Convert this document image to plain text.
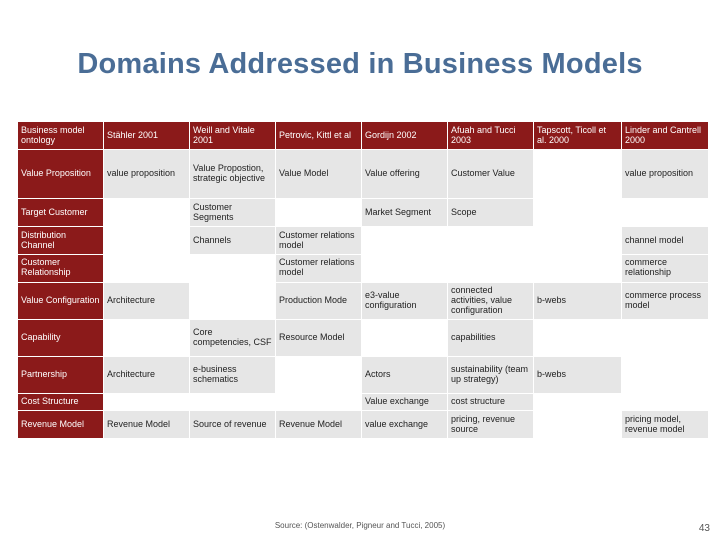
Domains Addressed in Business Models
Business model ontology	Stähler 2001	Weill and Vitale 2001	Petrovic, Kittl et al	Gordijn 2002	Afuah and Tucci 2003	Tapscott, Ticoll et al. 2000	Linder and Cantrell 2000
Value Proposition	value proposition	Value Propostion, strategic objective	Value Model	Value offering	Customer Value		value proposition
Target Customer		Customer Segments		Market Segment	Scope		
Distribution Channel		Channels	Customer relations model				channel model
Customer Relationship			Customer relations model				commerce relationship
Value Configuration	Architecture		Production Mode	e3-value configuration	connected activities, value configuration	b-webs	commerce process model
Capability		Core competencies, CSF	Resource Model		capabilities		
Partnership	Architecture	e-business schematics		Actors	sustainability (team up strategy)	b-webs	
Cost Structure				Value exchange	cost structure		
Revenue Model	Revenue Model	Source of revenue	Revenue Model	value exchange	pricing, revenue source		pricing model, revenue model
Source: (Ostenwalder, Pigneur and Tucci, 2005)	43
